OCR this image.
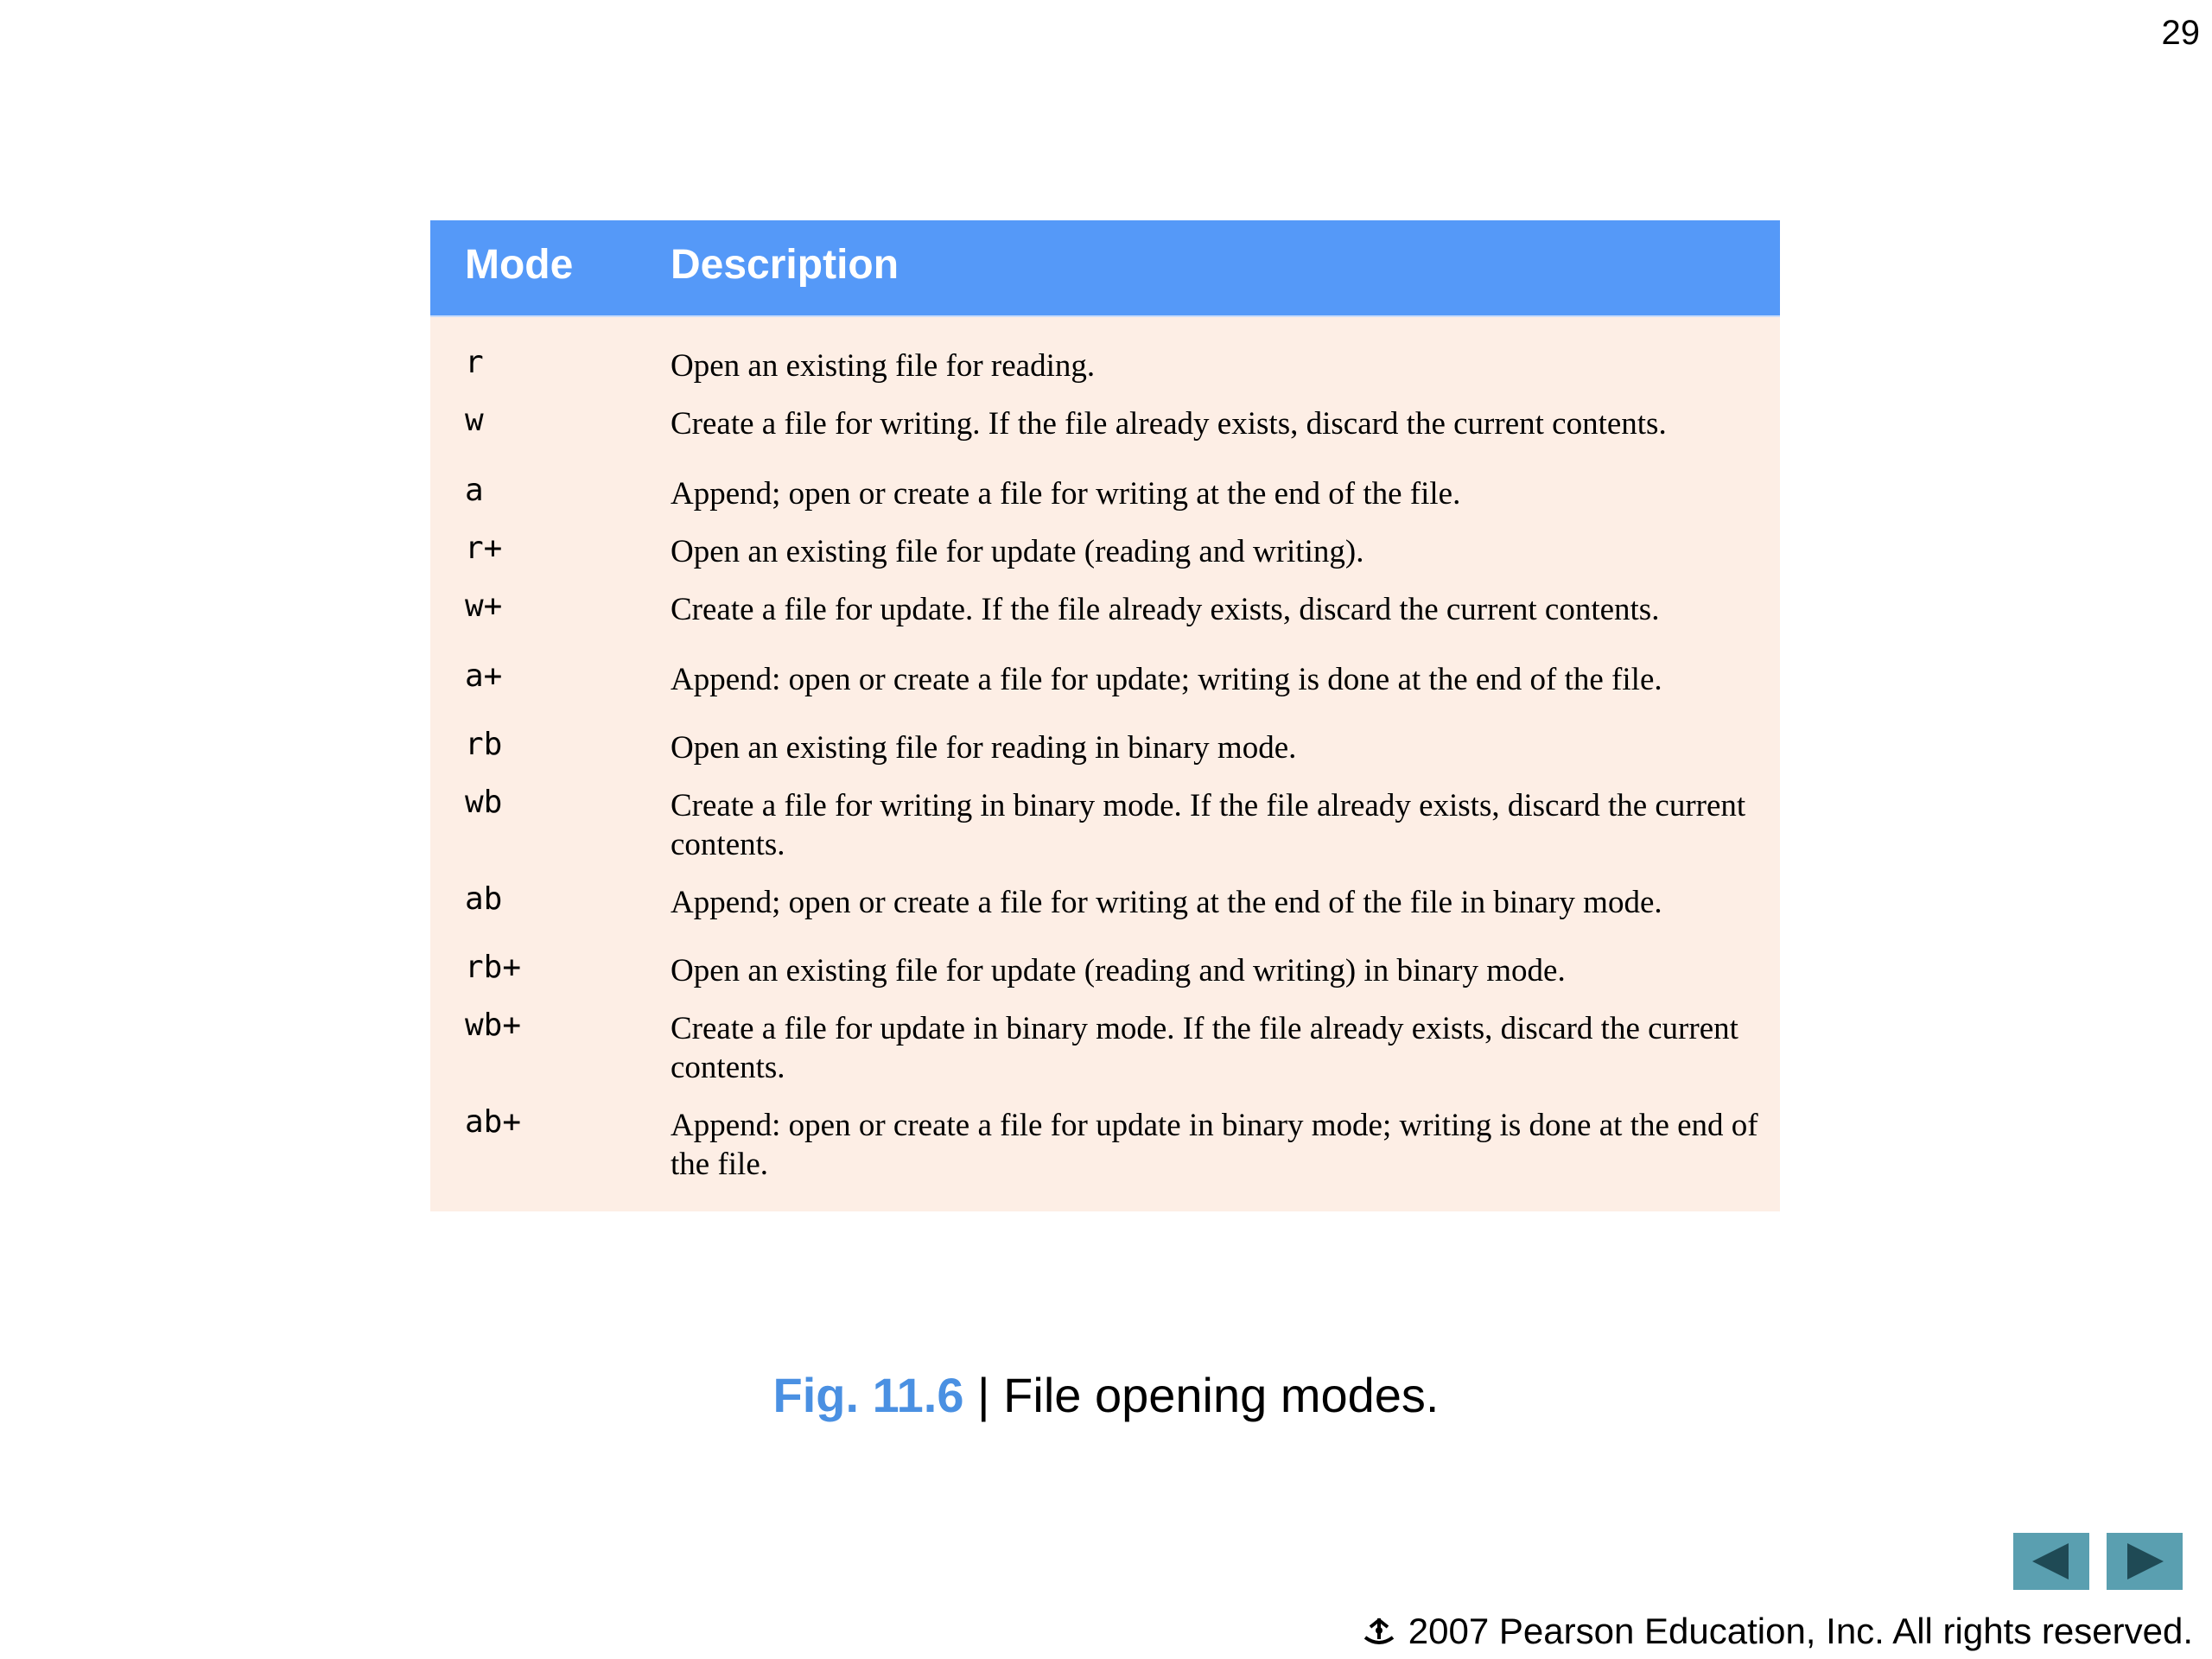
29
Mode Description
r	Open an existing file for reading.
w	Create a file for writing. If the file already exists, discard the current contents.
a	Append; open or create a file for writing at the end of the file.
r+	Open an existing file for update (reading and writing).
w+	Create a file for update. If the file already exists, discard the current contents.
a+	Append: open or create a file for update; writing is done at the end of the file.
rb	Open an existing file for reading in binary mode.
wb	Create a file for writing in binary mode. If the file already exists, discard the current contents.
ab	Append; open or create a file for writing at the end of the file in binary mode.
rb+	Open an existing file for update (reading and writing) in binary mode.
wb+	Create a file for update in binary mode. If the file already exists, discard the current contents.
ab+	Append: open or create a file for update in binary mode; writing is done at the end of the file.
Fig. 11.6 | File opening modes.
2007 Pearson Education, Inc. All rights reserved.
